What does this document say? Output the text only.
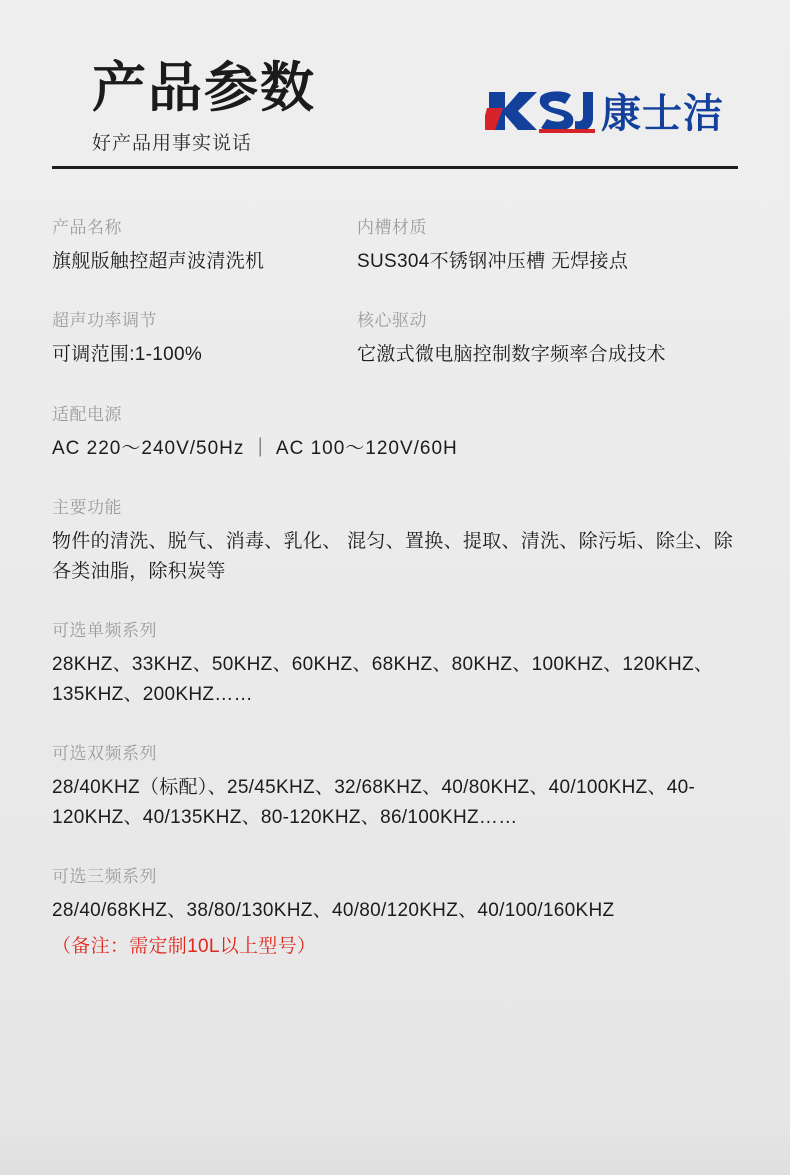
产品参数
好产品用事实说话
康士洁
产品名称
旗舰版触控超声波清洗机
内槽材质
SUS304不锈钢冲压槽 无焊接点
超声功率调节
可调范围:1-100%
核心驱动
它激式微电脑控制数字频率合成技术
适配电源
AC 220～240V/50Hz ｜ AC 100～120V/60H
主要功能
物件的清洗、脱气、消毒、乳化、 混匀、置换、提取、清洗、除污垢、除尘、除各类油脂，除积炭等
可选单频系列
28KHZ、33KHZ、50KHZ、60KHZ、68KHZ、80KHZ、100KHZ、120KHZ、135KHZ、200KHZ……
可选双频系列
28/40KHZ（标配）、25/45KHZ、32/68KHZ、40/80KHZ、40/100KHZ、40-120KHZ、40/135KHZ、80-120KHZ、86/100KHZ……
可选三频系列
28/40/68KHZ、38/80/130KHZ、40/80/120KHZ、40/100/160KHZ
（备注：需定制10L以上型号）
